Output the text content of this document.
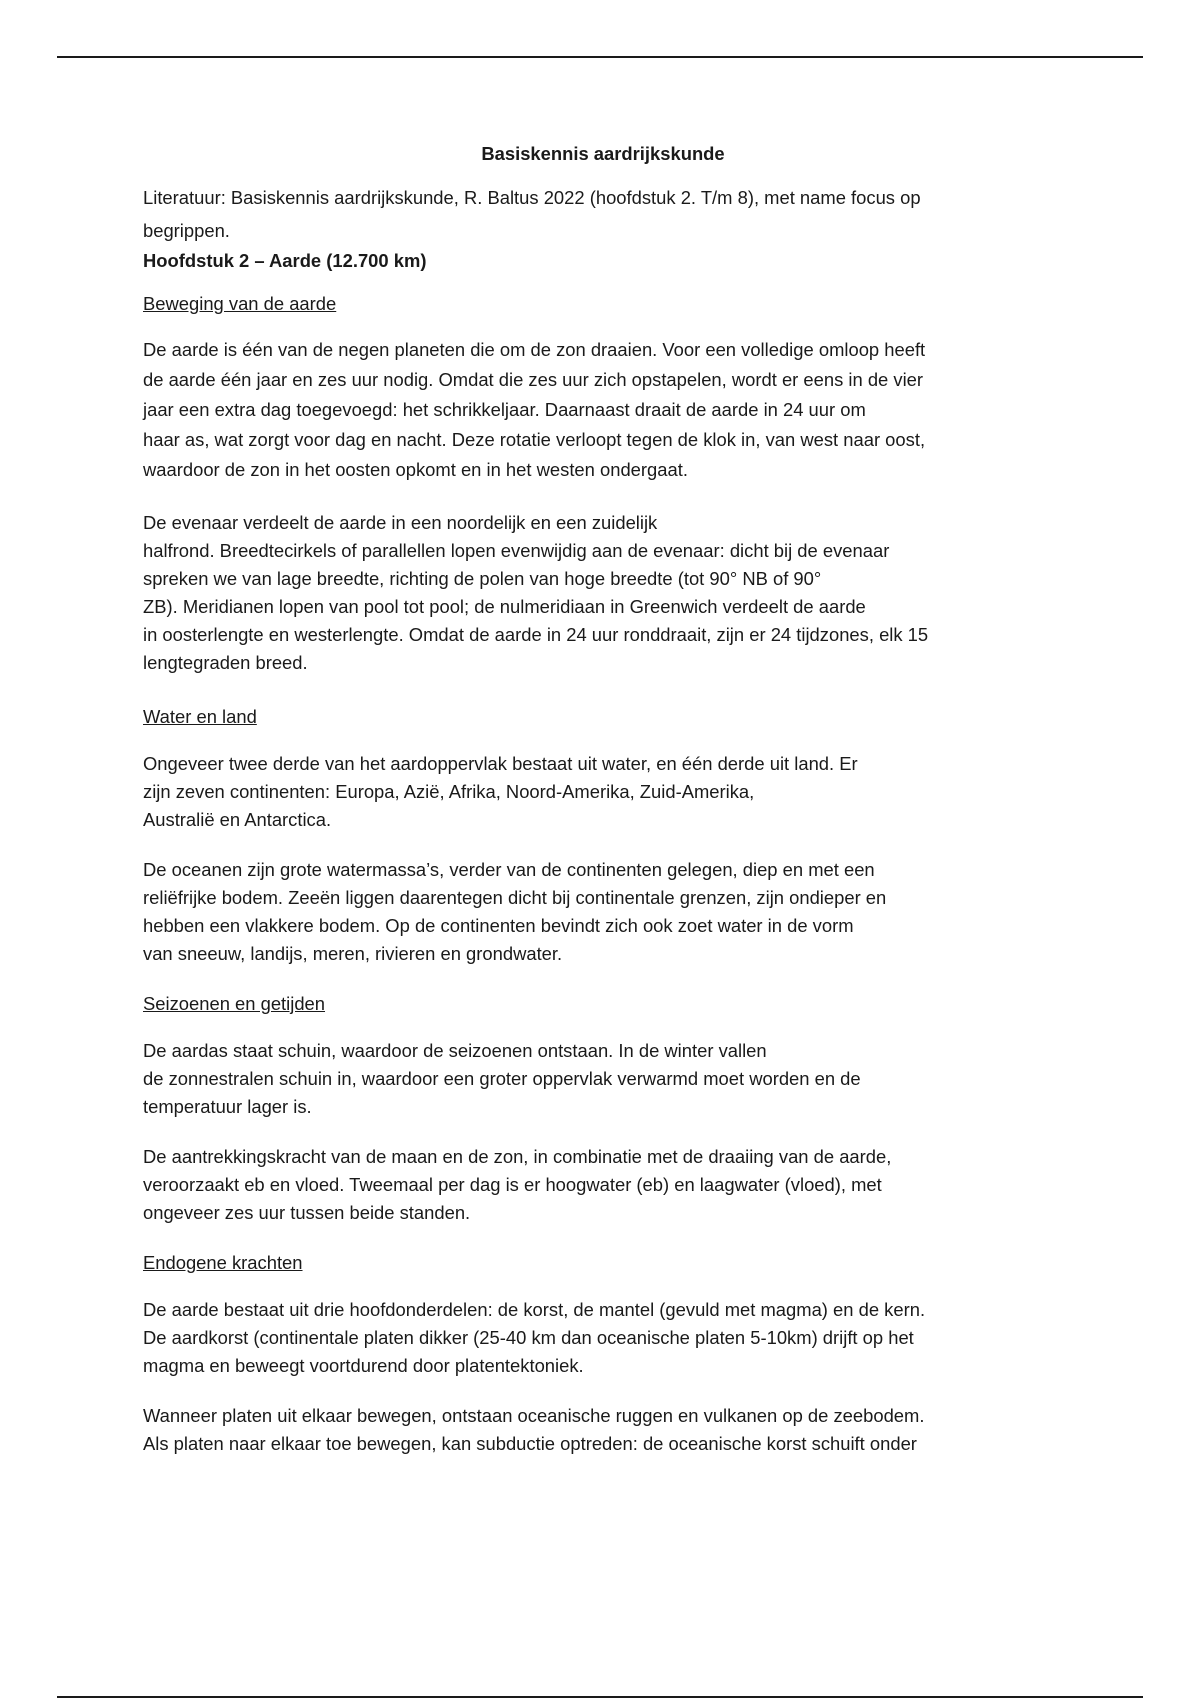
Basiskennis aardrijkskunde
Literatuur: Basiskennis aardrijkskunde, R. Baltus 2022 (hoofdstuk 2. T/m 8), met name focus op
begrippen.
Hoofdstuk 2 – Aarde (12.700 km)
Beweging van de aarde
De aarde is één van de negen planeten die om de zon draaien. Voor een volledige omloop heeft
de aarde één jaar en zes uur nodig. Omdat die zes uur zich opstapelen, wordt er eens in de vier
jaar een extra dag toegevoegd: het schrikkeljaar. Daarnaast draait de aarde in 24 uur om
haar as, wat zorgt voor dag en nacht. Deze rotatie verloopt tegen de klok in, van west naar oost,
waardoor de zon in het oosten opkomt en in het westen ondergaat.
De evenaar verdeelt de aarde in een noordelijk en een zuidelijk
halfrond. Breedtecirkels of parallellen lopen evenwijdig aan de evenaar: dicht bij de evenaar
spreken we van lage breedte, richting de polen van hoge breedte (tot 90° NB of 90°
ZB). Meridianen lopen van pool tot pool; de nulmeridiaan in Greenwich verdeelt de aarde
in oosterlengte en westerlengte. Omdat de aarde in 24 uur ronddraait, zijn er 24 tijdzones, elk 15
lengtegraden breed.
Water en land
Ongeveer twee derde van het aardoppervlak bestaat uit water, en één derde uit land. Er
zijn zeven continenten: Europa, Azië, Afrika, Noord-Amerika, Zuid-Amerika,
Australië en Antarctica.
De oceanen zijn grote watermassa’s, verder van de continenten gelegen, diep en met een
reliëfrijke bodem. Zeeën liggen daarentegen dicht bij continentale grenzen, zijn ondieper en
hebben een vlakkere bodem. Op de continenten bevindt zich ook zoet water in de vorm
van sneeuw, landijs, meren, rivieren en grondwater.
Seizoenen en getijden
De aardas staat schuin, waardoor de seizoenen ontstaan. In de winter vallen
de zonnestralen schuin in, waardoor een groter oppervlak verwarmd moet worden en de
temperatuur lager is.
De aantrekkingskracht van de maan en de zon, in combinatie met de draaiing van de aarde,
veroorzaakt eb en vloed. Tweemaal per dag is er hoogwater (eb) en laagwater (vloed), met
ongeveer zes uur tussen beide standen.
Endogene krachten
De aarde bestaat uit drie hoofdonderdelen: de korst, de mantel (gevuld met magma) en de kern.
De aardkorst (continentale platen dikker (25-40 km dan oceanische platen 5-10km) drijft op het
magma en beweegt voortdurend door platentektoniek.
Wanneer platen uit elkaar bewegen, ontstaan oceanische ruggen en vulkanen op de zeebodem.
Als platen naar elkaar toe bewegen, kan subductie optreden: de oceanische korst schuift onder
